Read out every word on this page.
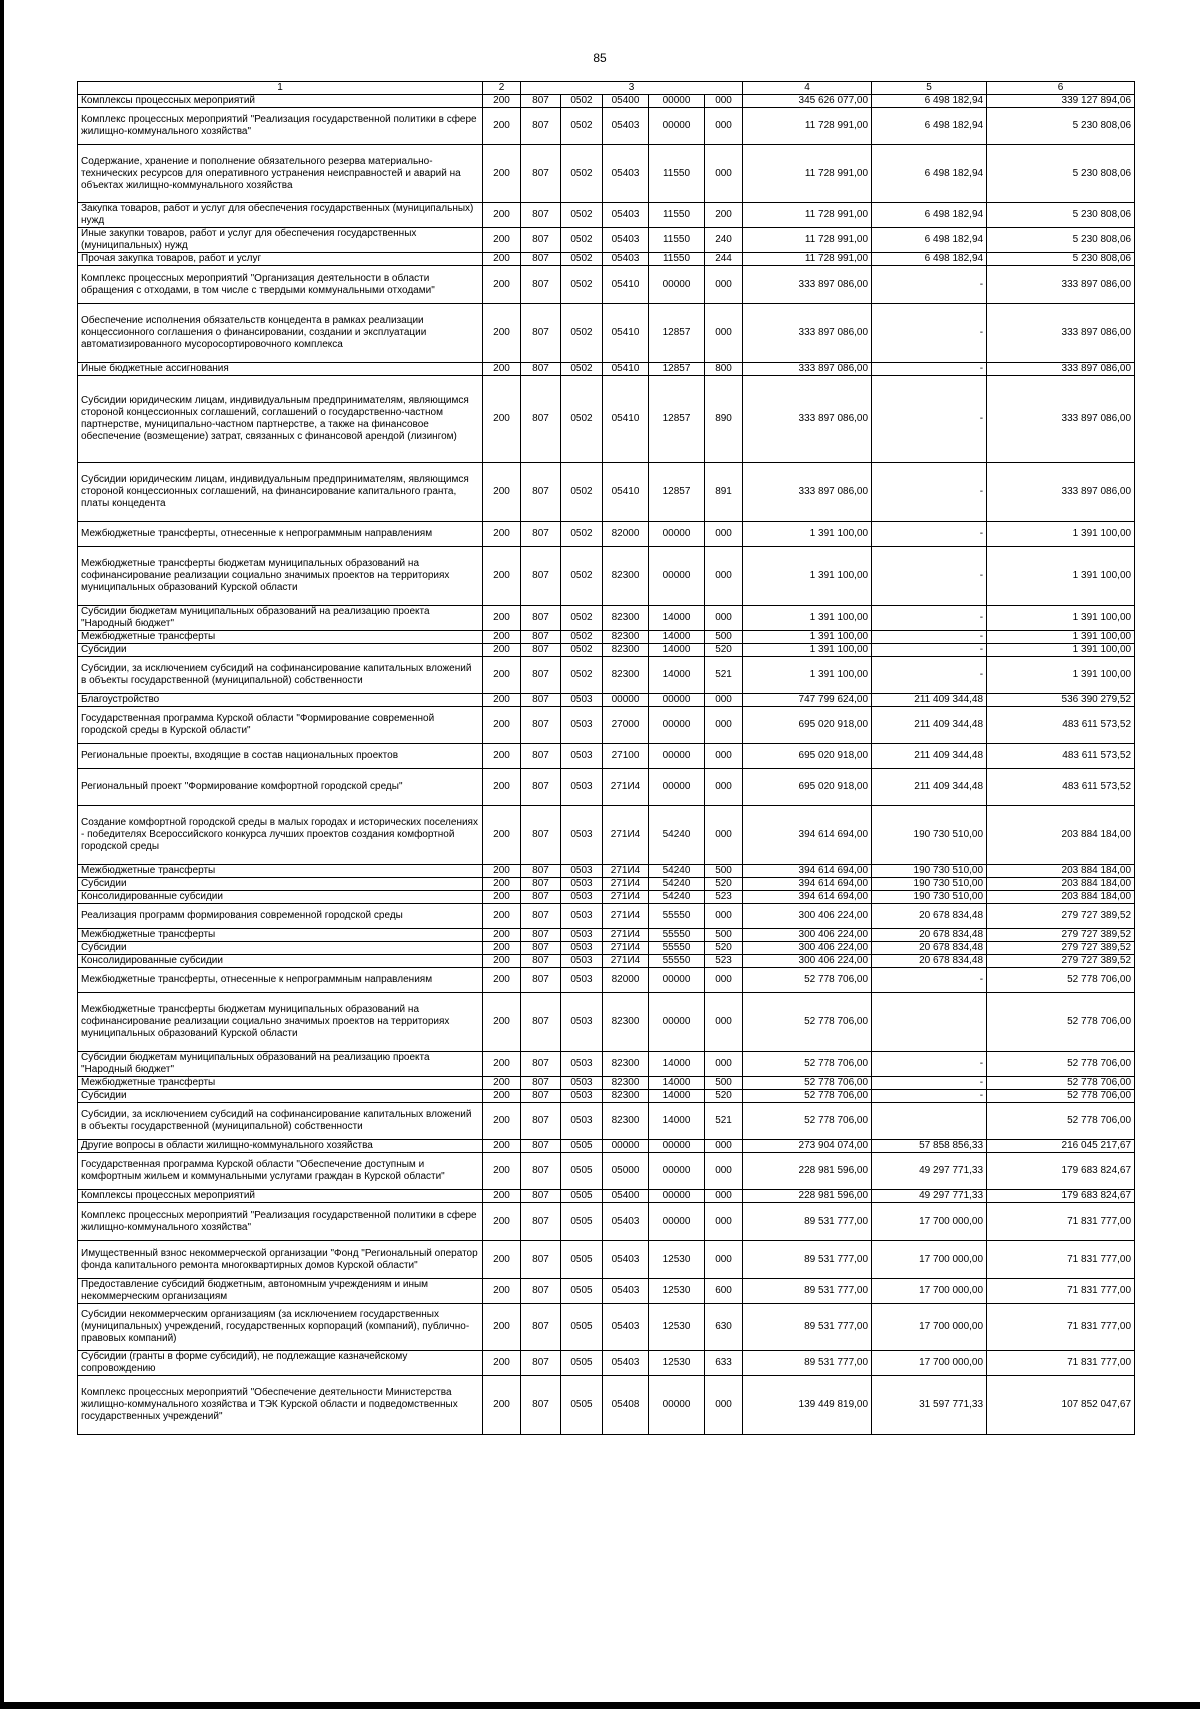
85
1	2	3					4	5	6
Комплексы процессных мероприятий	200	807	0502	05400	00000	000	345 626 077,00	6 498 182,94	339 127 894,06
Комплекс процессных мероприятий "Реализация государственной политики в сфере жилищно-коммунального хозяйства"	200	807	0502	05403	00000	000	11 728 991,00	6 498 182,94	5 230 808,06
Содержание, хранение и пополнение обязательного резерва материально-технических ресурсов для оперативного устранения неисправностей и аварий на объектах жилищно-коммунального хозяйства	200	807	0502	05403	11550	000	11 728 991,00	6 498 182,94	5 230 808,06
Закупка товаров, работ и услуг для обеспечения государственных (муниципальных) нужд	200	807	0502	05403	11550	200	11 728 991,00	6 498 182,94	5 230 808,06
Иные закупки товаров, работ и услуг для обеспечения государственных (муниципальных) нужд	200	807	0502	05403	11550	240	11 728 991,00	6 498 182,94	5 230 808,06
Прочая закупка товаров, работ и услуг	200	807	0502	05403	11550	244	11 728 991,00	6 498 182,94	5 230 808,06
Комплекс процессных мероприятий "Организация деятельности в области обращения с отходами, в том числе с твердыми коммунальными отходами"	200	807	0502	05410	00000	000	333 897 086,00	-	333 897 086,00
Обеспечение исполнения обязательств концедента в рамках реализации концессионного соглашения о финансировании, создании и эксплуатации автоматизированного мусоросортировочного комплекса	200	807	0502	05410	12857	000	333 897 086,00	-	333 897 086,00
Иные бюджетные ассигнования	200	807	0502	05410	12857	800	333 897 086,00	-	333 897 086,00
Субсидии юридическим лицам, индивидуальным предпринимателям, являющимся стороной концессионных соглашений, соглашений о государственно-частном партнерстве, муниципально-частном партнерстве, а также на финансовое обеспечение (возмещение) затрат, связанных с финансовой арендой (лизингом)	200	807	0502	05410	12857	890	333 897 086,00	-	333 897 086,00
Субсидии юридическим лицам, индивидуальным предпринимателям, являющимся стороной концессионных соглашений, на финансирование капитального гранта, платы концедента	200	807	0502	05410	12857	891	333 897 086,00	-	333 897 086,00
Межбюджетные трансферты, отнесенные к непрограммным направлениям	200	807	0502	82000	00000	000	1 391 100,00	-	1 391 100,00
Межбюджетные трансферты бюджетам муниципальных образований на софинансирование реализации социально значимых проектов на территориях муниципальных образований Курской области	200	807	0502	82300	00000	000	1 391 100,00	-	1 391 100,00
Субсидии бюджетам муниципальных образований на реализацию проекта "Народный бюджет"	200	807	0502	82300	14000	000	1 391 100,00	-	1 391 100,00
Межбюджетные трансферты	200	807	0502	82300	14000	500	1 391 100,00	-	1 391 100,00
Субсидии	200	807	0502	82300	14000	520	1 391 100,00	-	1 391 100,00
Субсидии, за исключением субсидий на софинансирование капитальных вложений в объекты государственной (муниципальной) собственности	200	807	0502	82300	14000	521	1 391 100,00	-	1 391 100,00
Благоустройство	200	807	0503	00000	00000	000	747 799 624,00	211 409 344,48	536 390 279,52
Государственная программа Курской области "Формирование современной городской среды в Курской области"	200	807	0503	27000	00000	000	695 020 918,00	211 409 344,48	483 611 573,52
Региональные проекты, входящие в состав национальных проектов	200	807	0503	27100	00000	000	695 020 918,00	211 409 344,48	483 611 573,52
Региональный проект "Формирование комфортной городской среды"	200	807	0503	271И4	00000	000	695 020 918,00	211 409 344,48	483 611 573,52
Создание комфортной городской среды в малых городах и исторических поселениях - победителях Всероссийского конкурса лучших проектов создания комфортной городской среды	200	807	0503	271И4	54240	000	394 614 694,00	190 730 510,00	203 884 184,00
Межбюджетные трансферты	200	807	0503	271И4	54240	500	394 614 694,00	190 730 510,00	203 884 184,00
Субсидии	200	807	0503	271И4	54240	520	394 614 694,00	190 730 510,00	203 884 184,00
Консолидированные субсидии	200	807	0503	271И4	54240	523	394 614 694,00	190 730 510,00	203 884 184,00
Реализация программ формирования современной городской среды	200	807	0503	271И4	55550	000	300 406 224,00	20 678 834,48	279 727 389,52
Межбюджетные трансферты	200	807	0503	271И4	55550	500	300 406 224,00	20 678 834,48	279 727 389,52
Субсидии	200	807	0503	271И4	55550	520	300 406 224,00	20 678 834,48	279 727 389,52
Консолидированные субсидии	200	807	0503	271И4	55550	523	300 406 224,00	20 678 834,48	279 727 389,52
Межбюджетные трансферты, отнесенные к непрограммным направлениям	200	807	0503	82000	00000	000	52 778 706,00	-	52 778 706,00
Межбюджетные трансферты бюджетам муниципальных образований на софинансирование реализации социально значимых проектов на территориях муниципальных образований Курской области	200	807	0503	82300	00000	000	52 778 706,00		52 778 706,00
Субсидии бюджетам муниципальных образований на реализацию проекта "Народный бюджет"	200	807	0503	82300	14000	000	52 778 706,00	-	52 778 706,00
Межбюджетные трансферты	200	807	0503	82300	14000	500	52 778 706,00	-	52 778 706,00
Субсидии	200	807	0503	82300	14000	520	52 778 706,00	-	52 778 706,00
Субсидии, за исключением субсидий на софинансирование капитальных вложений в объекты государственной (муниципальной) собственности	200	807	0503	82300	14000	521	52 778 706,00		52 778 706,00
Другие вопросы в области жилищно-коммунального хозяйства	200	807	0505	00000	00000	000	273 904 074,00	57 858 856,33	216 045 217,67
Государственная программа Курской области "Обеспечение доступным и комфортным жильем и коммунальными услугами граждан в Курской области"	200	807	0505	05000	00000	000	228 981 596,00	49 297 771,33	179 683 824,67
Комплексы процессных мероприятий	200	807	0505	05400	00000	000	228 981 596,00	49 297 771,33	179 683 824,67
Комплекс процессных мероприятий "Реализация государственной политики в сфере жилищно-коммунального хозяйства"	200	807	0505	05403	00000	000	89 531 777,00	17 700 000,00	71 831 777,00
Имущественный взнос некоммерческой организации "Фонд "Региональный оператор фонда капитального ремонта многоквартирных домов Курской области"	200	807	0505	05403	12530	000	89 531 777,00	17 700 000,00	71 831 777,00
Предоставление субсидий бюджетным, автономным учреждениям и иным некоммерческим организациям	200	807	0505	05403	12530	600	89 531 777,00	17 700 000,00	71 831 777,00
Субсидии некоммерческим организациям (за исключением государственных (муниципальных) учреждений, государственных корпораций (компаний), публично-правовых компаний)	200	807	0505	05403	12530	630	89 531 777,00	17 700 000,00	71 831 777,00
Субсидии (гранты в форме субсидий), не подлежащие казначейскому сопровождению	200	807	0505	05403	12530	633	89 531 777,00	17 700 000,00	71 831 777,00
Комплекс процессных мероприятий "Обеспечение деятельности Министерства жилищно-коммунального хозяйства и ТЭК Курской области и подведомственных государственных учреждений"	200	807	0505	05408	00000	000	139 449 819,00	31 597 771,33	107 852 047,67
